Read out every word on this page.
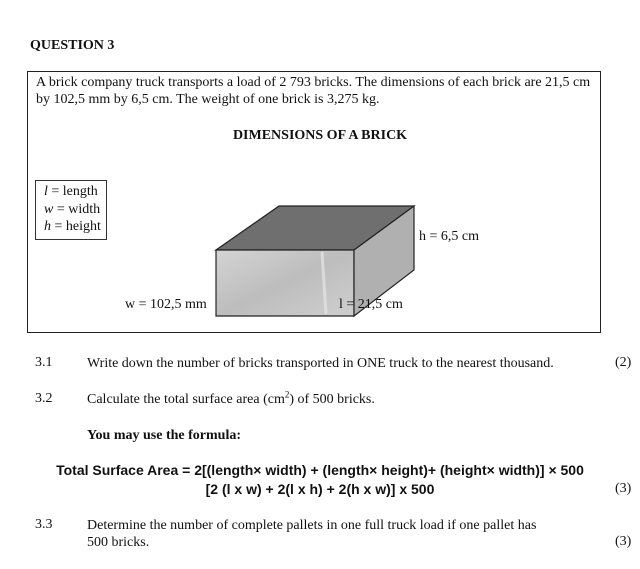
QUESTION 3
A brick company truck transports a load of 2 793 bricks. The dimensions of each brick are 21,5 cm by 102,5 mm by 6,5 cm. The weight of one brick is 3,275 kg.
DIMENSIONS OF A BRICK
l = length
w = width
h = height
h = 6,5 cm
w = 102,5 mm	l = 21,5 cm
3.1 Write down the number of bricks transported in ONE truck to the nearest thousand.	(2)
3.2 Calculate the total surface area $(cm^2)$ of 500 bricks.
You may use the formula:
Total Surface Area = 2[(length× width) + (length× height)+ (height× width)] × 500
[2 (l x w) + 2(l x h) + 2(h x w)] x 500	(3)
3.3 Determine the number of complete pallets in one full truck load if one pallet has
500 bricks.	(3)
